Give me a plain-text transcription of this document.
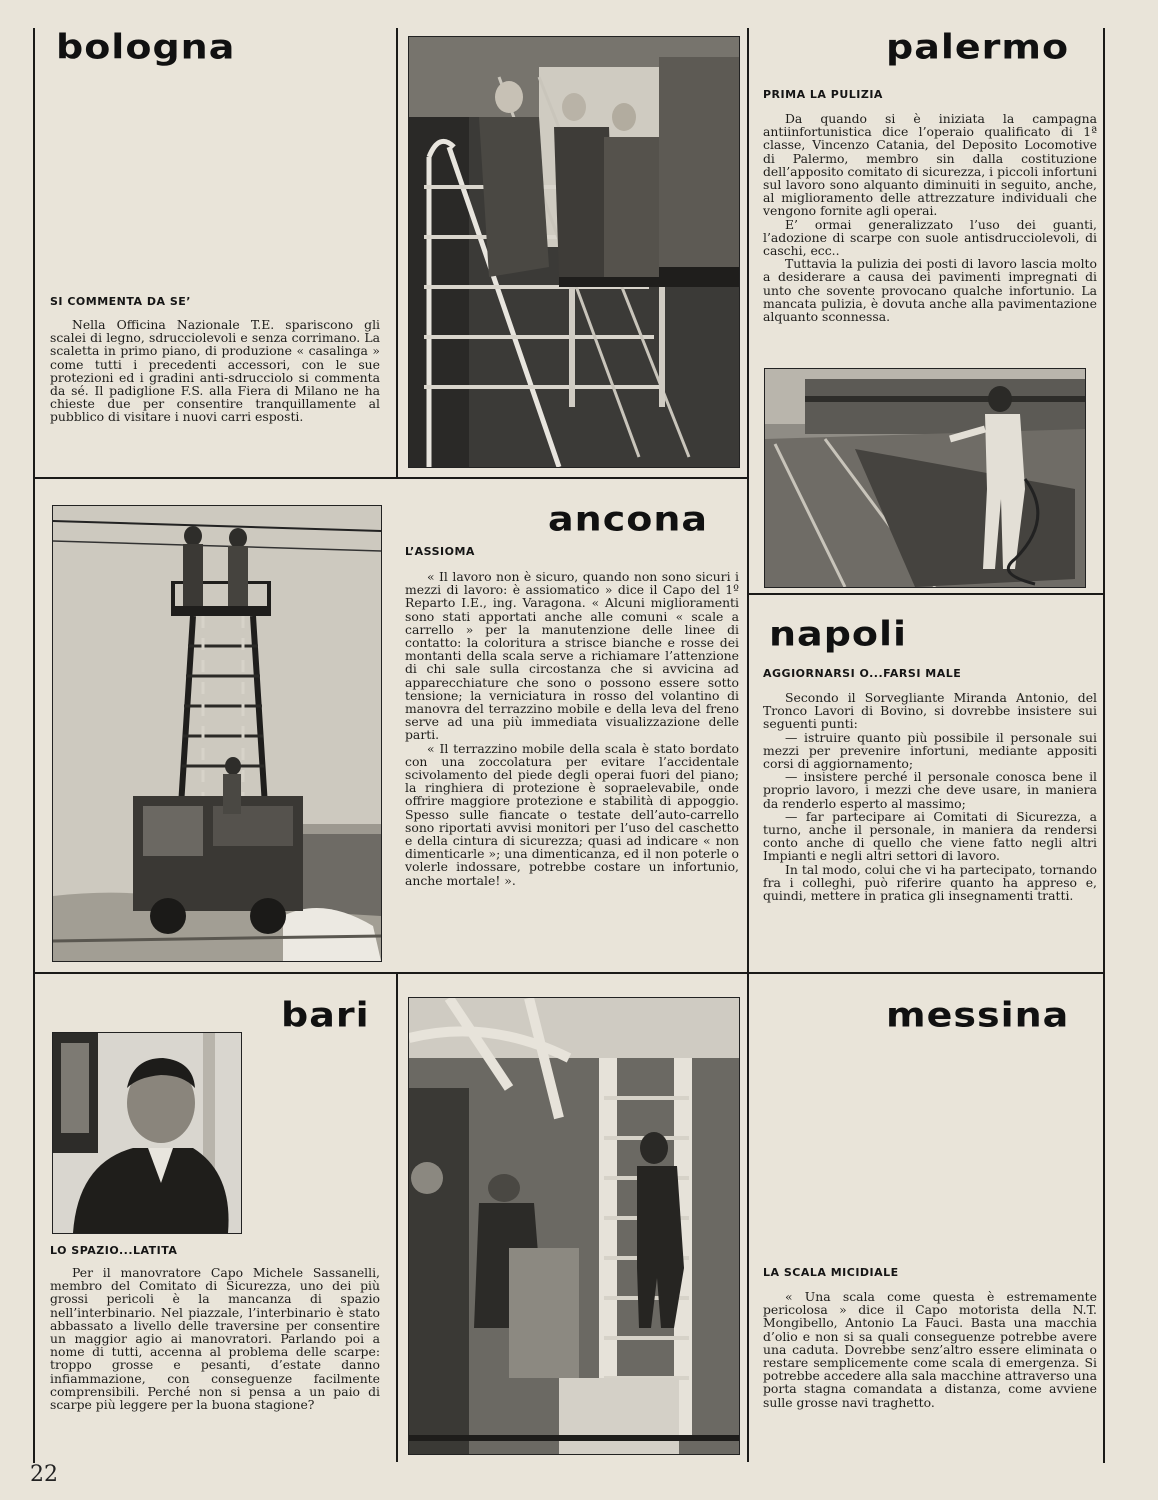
bologna
SI COMMENTA DA SE’

Nella Officina Nazionale T.E. spariscono gli scalei di legno, sdrucciolevoli e senza corrimano. La scaletta in primo piano, di produzione « casalinga » come tutti i precedenti accessori, con le sue protezioni ed i gradini anti-sdrucciolo si commenta da sé. Il padiglione F.S. alla Fiera di Milano ne ha chieste due per consentire tranquillamente al pubblico di visitare i nuovi carri esposti.

palermo
PRIMA LA PULIZIA

Da quando si è iniziata la campagna antiinfortunistica dice l’operaio qualificato di 1ª classe, Vincenzo Catania, del Deposito Locomotive di Palermo, membro sin dalla costituzione dell’apposito comitato di sicurezza, i piccoli infortuni sul lavoro sono alquanto diminuiti in seguito, anche, al miglioramento delle attrezzature individuali che vengono fornite agli operai.

E’ ormai generalizzato l’uso dei guanti, l’adozione di scarpe con suole antisdrucciolevoli, di caschi, ecc..

Tuttavia la pulizia dei posti di lavoro lascia molto a desiderare a causa dei pavimenti impregnati di unto che sovente provocano qualche infortunio. La mancata pulizia, è dovuta anche alla pavimentazione alquanto sconnessa.

ancona
L’ASSIOMA

« Il lavoro non è sicuro, quando non sono sicuri i mezzi di lavoro: è assiomatico » dice il Capo del 1º Reparto I.E., ing. Varagona. « Alcuni miglioramenti sono stati apportati anche alle comuni « scale a carrello » per la manutenzione delle linee di contatto: la coloritura a strisce bianche e rosse dei montanti della scala serve a richiamare l’attenzione di chi sale sulla circostanza che si avvicina ad apparecchiature che sono o possono essere sotto tensione; la verniciatura in rosso del volantino di manovra del terrazzino mobile e della leva del freno serve ad una più immediata visualizzazione delle parti.

« Il terrazzino mobile della scala è stato bordato con una zoccolatura per evitare l’accidentale scivolamento del piede degli operai fuori del piano; la ringhiera di protezione è sopraelevabile, onde offrire maggiore protezione e stabilità di appoggio. Spesso sulle fiancate o testate dell’auto-carrello sono riportati avvisi monitori per l’uso del caschetto e della cintura di sicurezza; quasi ad indicare « non dimenticarle »; una dimenticanza, ed il non poterle o volerle indossare, potrebbe costare un infortunio, anche mortale! ».

napoli
AGGIORNARSI O...FARSI MALE

Secondo il Sorvegliante Miranda Antonio, del Tronco Lavori di Bovino, si dovrebbe insistere sui seguenti punti:

— istruire quanto più possibile il personale sui mezzi per prevenire infortuni, mediante appositi corsi di aggiornamento;

— insistere perché il personale conosca bene il proprio lavoro, i mezzi che deve usare, in maniera da renderlo esperto al massimo;

— far partecipare ai Comitati di Sicurezza, a turno, anche il personale, in maniera da rendersi conto anche di quello che viene fatto negli altri Impianti e negli altri settori di lavoro.

In tal modo, colui che vi ha partecipato, tornando fra i colleghi, può riferire quanto ha appreso e, quindi, mettere in pratica gli insegnamenti tratti.

bari
LO SPAZIO...LATITA

Per il manovratore Capo Michele Sassanelli, membro del Comitato di Sicurezza, uno dei più grossi pericoli è la mancanza di spazio nell’interbinario. Nel piazzale, l’interbinario è stato abbassato a livello delle traversine per consentire un maggior agio ai manovratori. Parlando poi a nome di tutti, accenna al problema delle scarpe: troppo grosse e pesanti, d’estate danno infiammazione, con conseguenze facilmente comprensibili. Perché non si pensa a un paio di scarpe più leggere per la buona stagione?

messina
LA SCALA MICIDIALE

« Una scala come questa è estremamente pericolosa » dice il Capo motorista della N.T. Mongibello, Antonio La Fauci. Basta una macchia d’olio e non si sa quali conseguenze potrebbe avere una caduta. Dovrebbe senz’altro essere eliminata o restare semplicemente come scala di emergenza. Si potrebbe accedere alla sala macchine attraverso una porta stagna comandata a distanza, come avviene sulle grosse navi traghetto.

22
